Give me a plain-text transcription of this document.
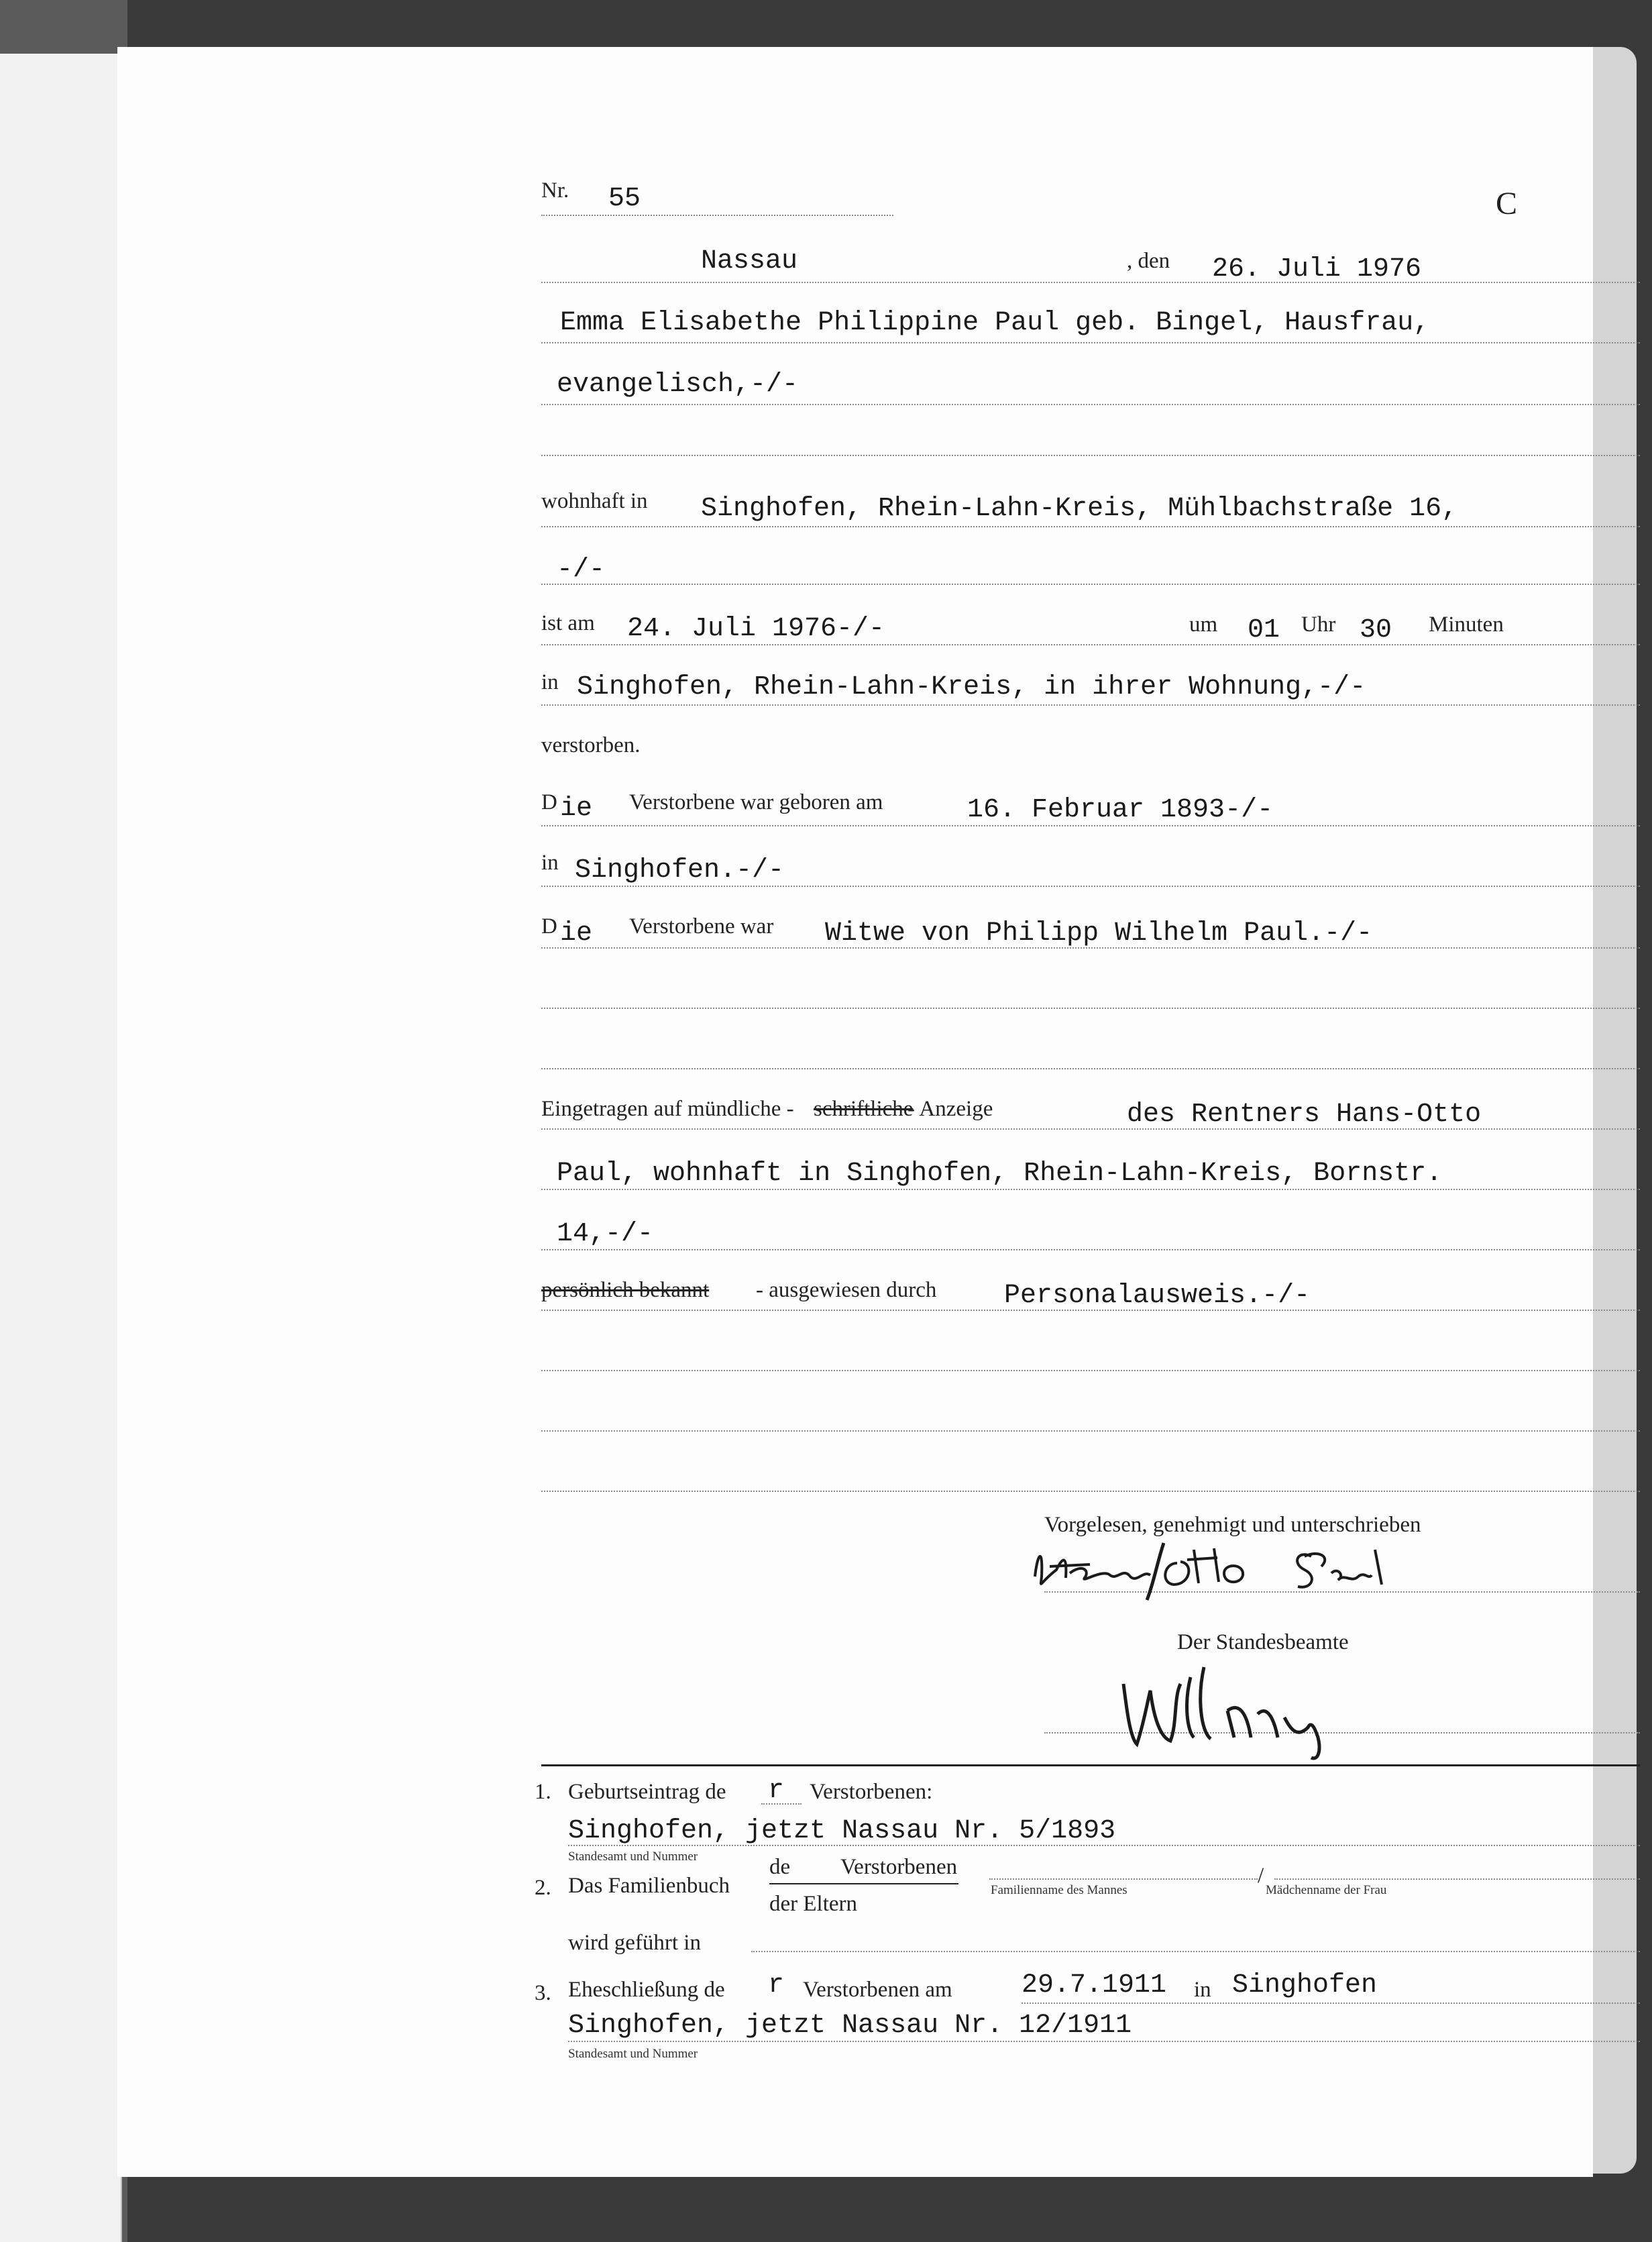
Nr. 55	C
Nassau	, den 26. Juli 1976
Emma Elisabethe Philippine Paul geb. Bingel, Hausfrau,
evangelisch,-/-
wohnhaft in Singhofen, Rhein-Lahn-Kreis, Mühlbachstraße 16,
-/-
ist am 24. Juli 1976-/-	um 01 Uhr 30 Minuten
in Singhofen, Rhein-Lahn-Kreis, in ihrer Wohnung,-/-
verstorben.
D ie Verstorbene war geboren am	16. Februar 1893-/-
in Singhofen.-/-
D ie Verstorbene war Witwe von Philipp Wilhelm Paul.-/-
Eingetragen auf mündliche - schriftliche
- Anzeige	des Rentners Hans-Otto
Paul, wohnhaft in Singhofen, Rhein-Lahn-Kreis, Bornstr.
14,-/-
persönlich bekannt - ausgewiesen durch	Personalausweis.-/-
Vorgelesen, genehmigt und unterschrieben
Der Standesbeamte
1. Geburtseintrag de r Verstorbenen:
Singhofen, jetzt Nassau Nr. 5/1893
Standesamt und Nummer
2. Das Familienbuch
de Verstorbenen
der Eltern
/
Familienname des Mannes	Mädchenname der Frau
wird geführt in
3. Eheschließung de r Verstorbenen am	29.7.1911 in Singhofen
Singhofen, jetzt Nassau Nr. 12/1911
Standesamt und Nummer
